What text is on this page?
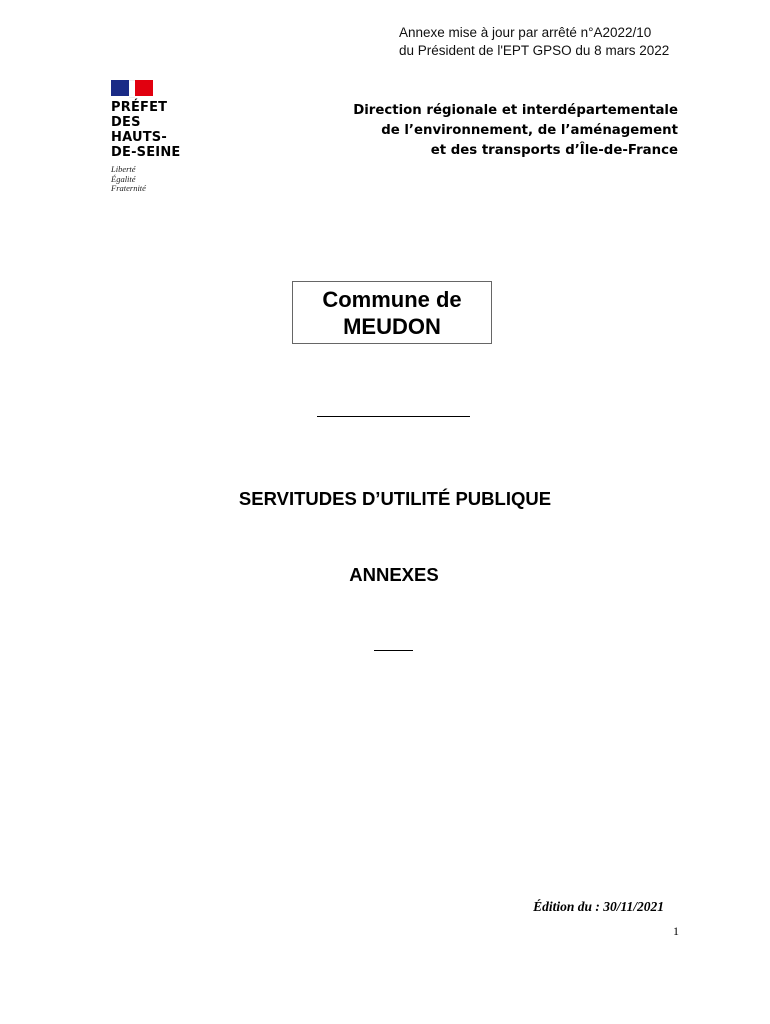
Annexe mise à jour par arrêté n°A2022/10
du Président de l'EPT GPSO du 8 mars 2022
PRÉFET
DES HAUTS-
DE-SEINE
Liberté
Égalité
Fraternité
Direction régionale et interdépartementale
de l’environnement, de l’aménagement
et des transports d’Île-de-France
Commune de
MEUDON
SERVITUDES D’UTILITÉ PUBLIQUE
ANNEXES
Édition du : 30/11/2021
1
